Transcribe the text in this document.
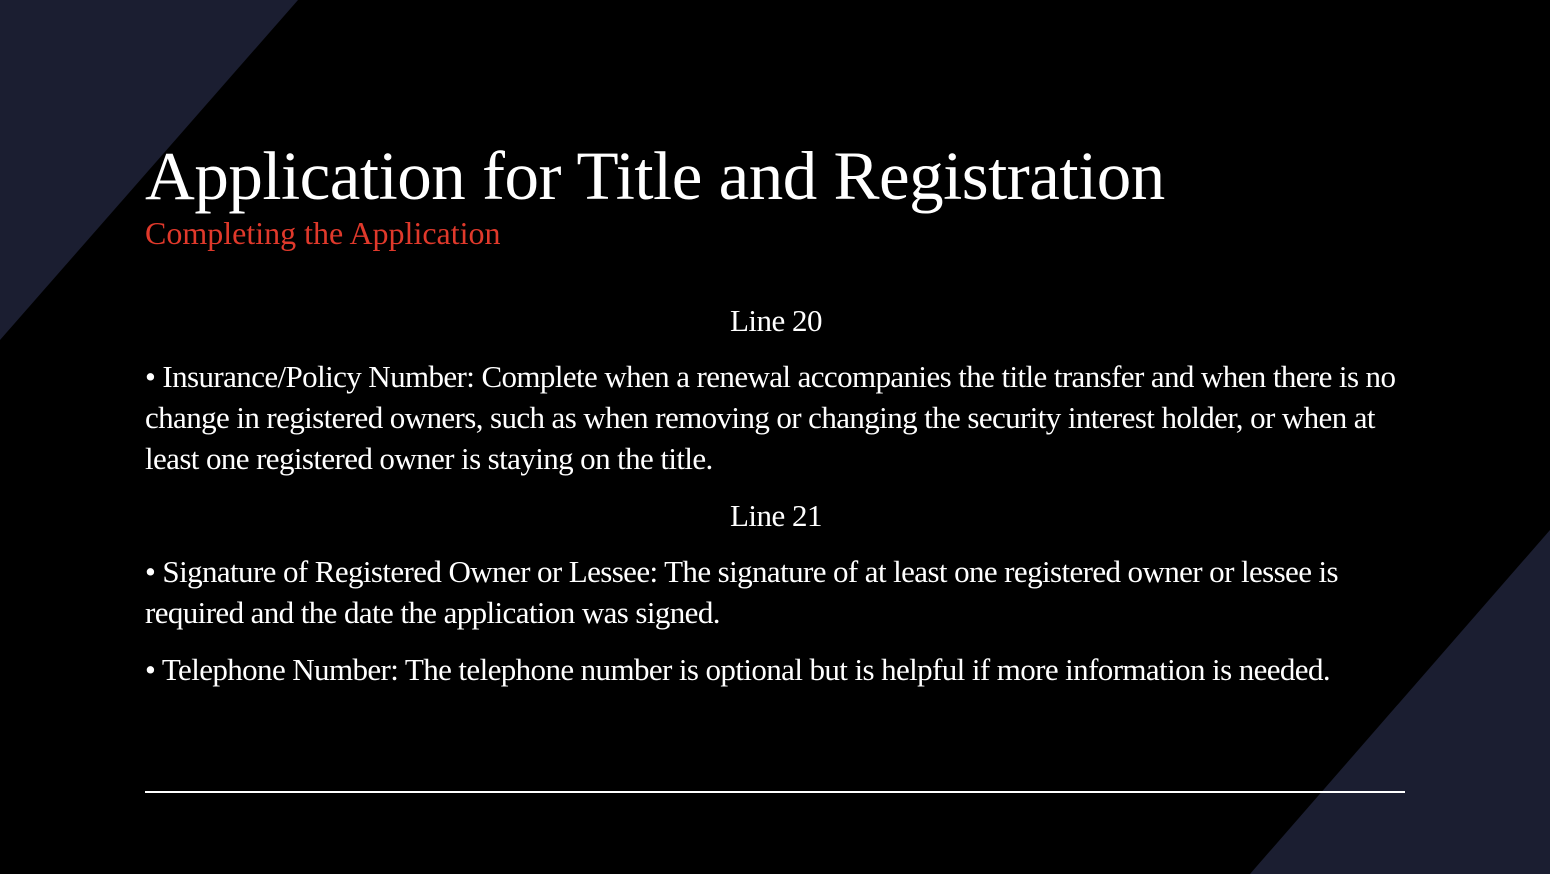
Application for Title and Registration

Completing the Application

Line 20

• Insurance/Policy Number: Complete when a renewal accompanies the title transfer and when there is no change in registered owners, such as when removing or changing the security interest holder, or when at least one registered owner is staying on the title.

Line 21

• Signature of Registered Owner or Lessee: The signature of at least one registered owner or lessee is required and the date the application was signed.

• Telephone Number: The telephone number is optional but is helpful if more information is needed.
